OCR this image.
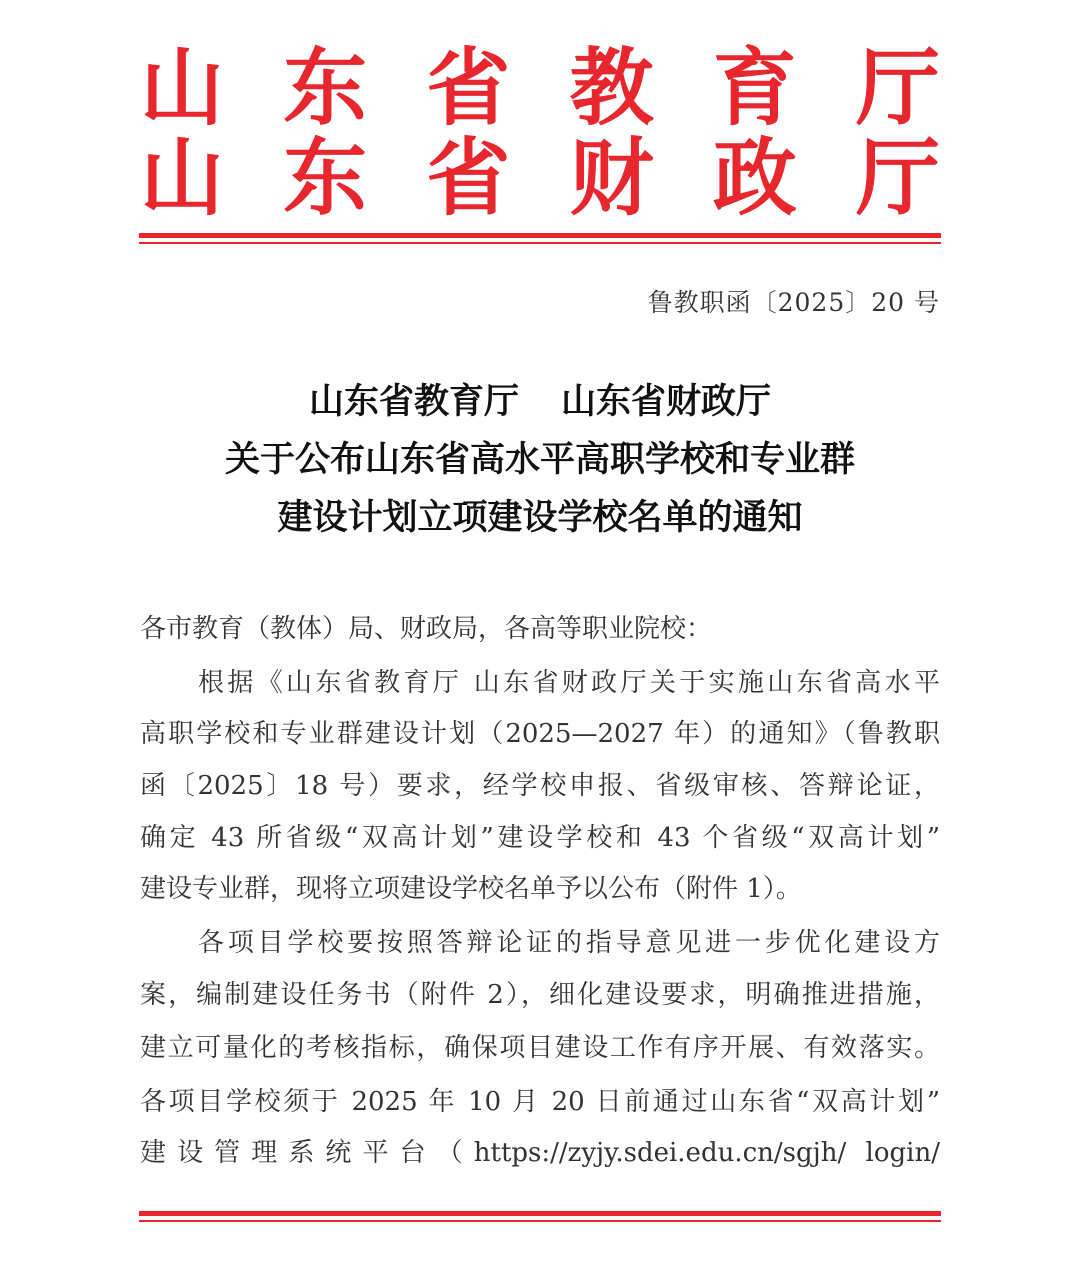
山 东 省 教 育 厅
山 东 省 财 政 厅
鲁教职函〔2025〕20 号
山东省教育厅 山东省财政厅
关于公布山东省高水平高职学校和专业群
建设计划立项建设学校名单的通知
各市教育（教体）局、财政局，各高等职业院校：
根据《山东省教育厅 山东省财政厅关于实施山东省高水平
高职学校和专业群建设计划（2025—2027 年）的通知》（鲁教职
函〔2025〕18 号）要求，经学校申报、省级审核、答辩论证，
确定 43 所省级“双高计划”建设学校和 43 个省级“双高计划”
建设专业群，现将立项建设学校名单予以公布（附件 1）。
各项目学校要按照答辩论证的指导意见进一步优化建设方
案，编制建设任务书（附件 2），细化建设要求，明确推进措施，
建立可量化的考核指标，确保项目建设工作有序开展、有效落实。
各项目学校须于 2025 年 10 月 20 日前通过山东省“双高计划”
建设管理系统平台（https://zyjy.sdei.edu.cn/sgjh/ login/
